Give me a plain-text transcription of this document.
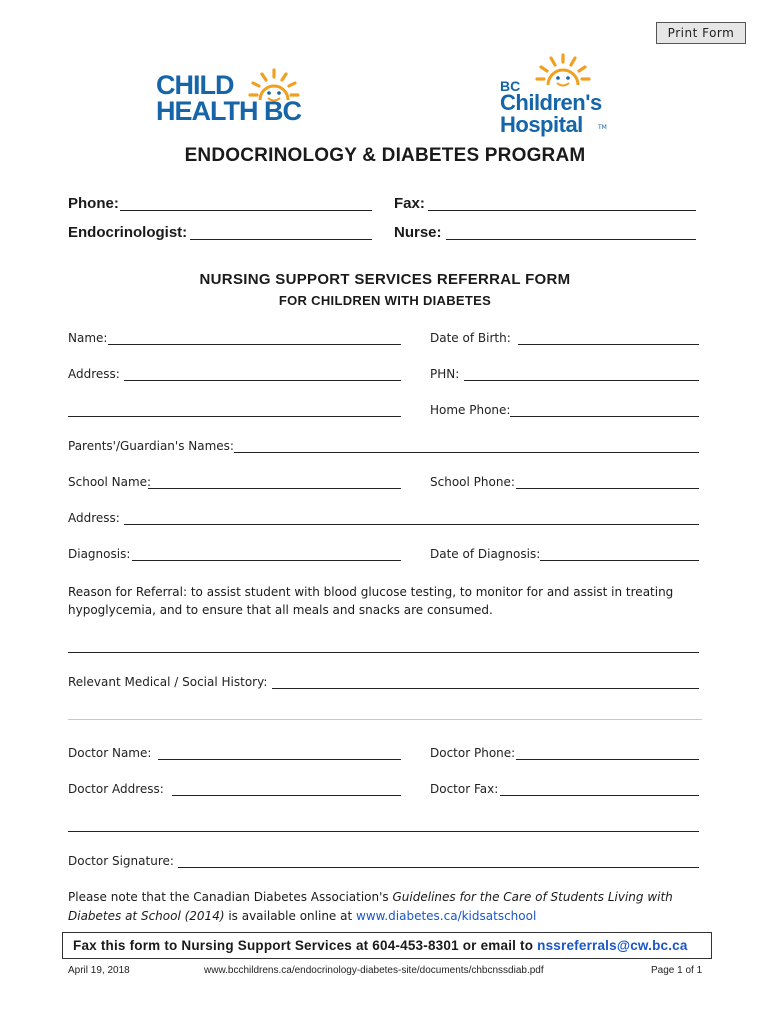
Print Form
CHILD
HEALTH BC
BC
Children's
Hospital	TM
ENDOCRINOLOGY & DIABETES PROGRAM
Phone:	Fax:
Endocrinologist:	Nurse:
NURSING SUPPORT SERVICES REFERRAL FORM
FOR CHILDREN WITH DIABETES
Name:	Date of Birth:
Address:	PHN:
Home Phone:
Parents'/Guardian's Names:
School Name:	School Phone:
Address:
Diagnosis:	Date of Diagnosis:
Reason for Referral: to assist student with blood glucose testing, to monitor for and assist in treating hypoglycemia, and to ensure that all meals and snacks are consumed.
Relevant Medical / Social History:
Doctor Name:	Doctor Phone:
Doctor Address:	Doctor Fax:
Doctor Signature:
Please note that the Canadian Diabetes Association's Guidelines for the Care of Students Living with Diabetes at School (2014) is available online at www.diabetes.ca/kidsatschool
Fax this form to Nursing Support Services at 604-453-8301 or email to nssreferrals@cw.bc.ca
April 19, 2018	www.bcchildrens.ca/endocrinology-diabetes-site/documents/chbcnssdiab.pdf	Page 1 of 1
